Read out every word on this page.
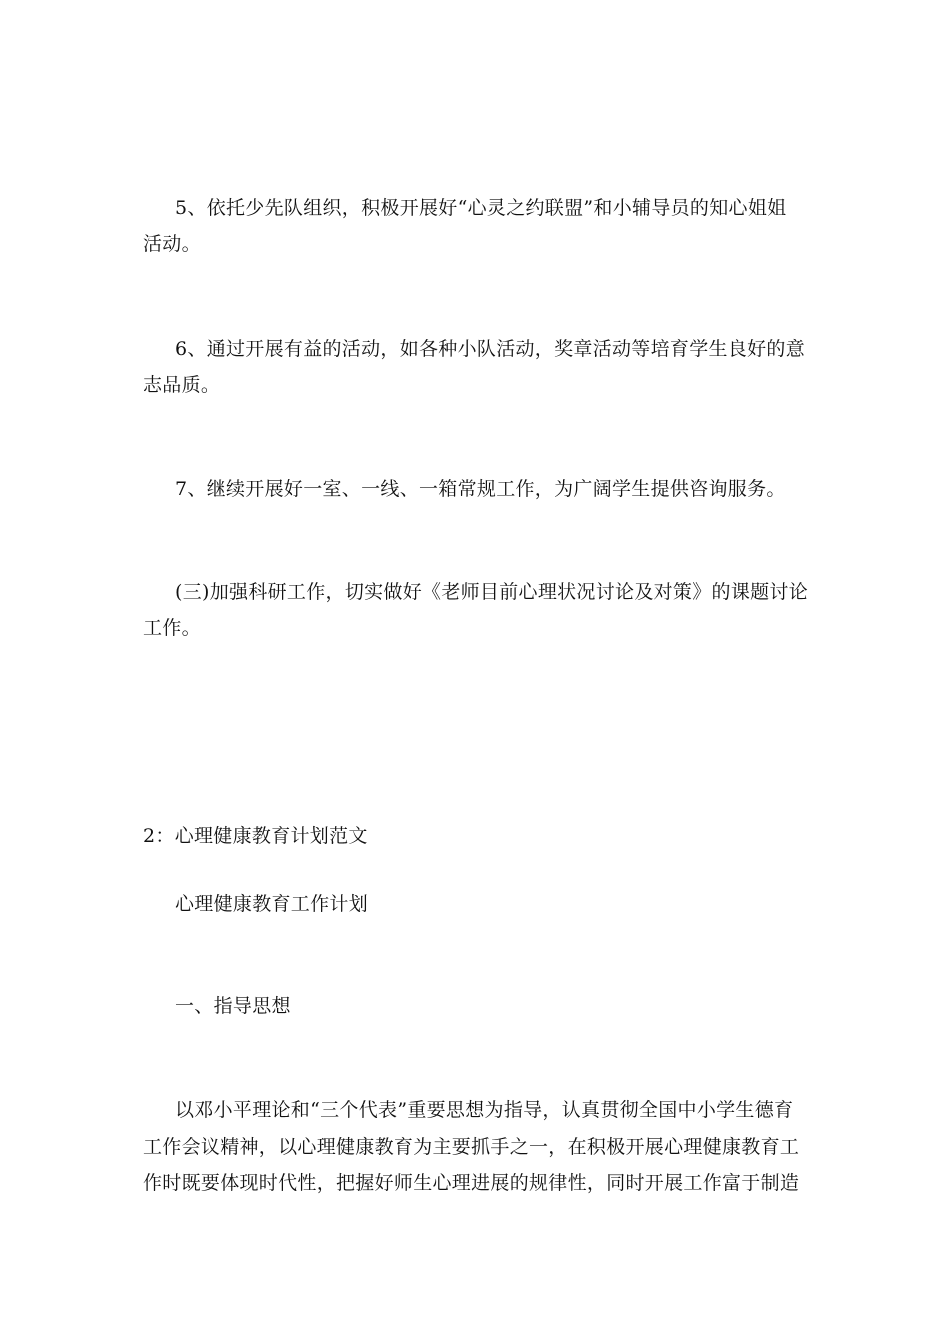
5、依托少先队组织，积极开展好“心灵之约联盟”和小辅导员的知心姐姐
活动。
6、通过开展有益的活动，如各种小队活动，奖章活动等培育学生良好的意
志品质。
7、继续开展好一室、一线、一箱常规工作，为广阔学生提供咨询服务。
(三)加强科研工作，切实做好《老师目前心理状况讨论及对策》的课题讨论
工作。
2：心理健康教育计划范文
心理健康教育工作计划
一、指导思想
以邓小平理论和“三个代表”重要思想为指导，认真贯彻全国中小学生德育
工作会议精神，以心理健康教育为主要抓手之一，在积极开展心理健康教育工
作时既要体现时代性，把握好师生心理进展的规律性，同时开展工作富于制造
